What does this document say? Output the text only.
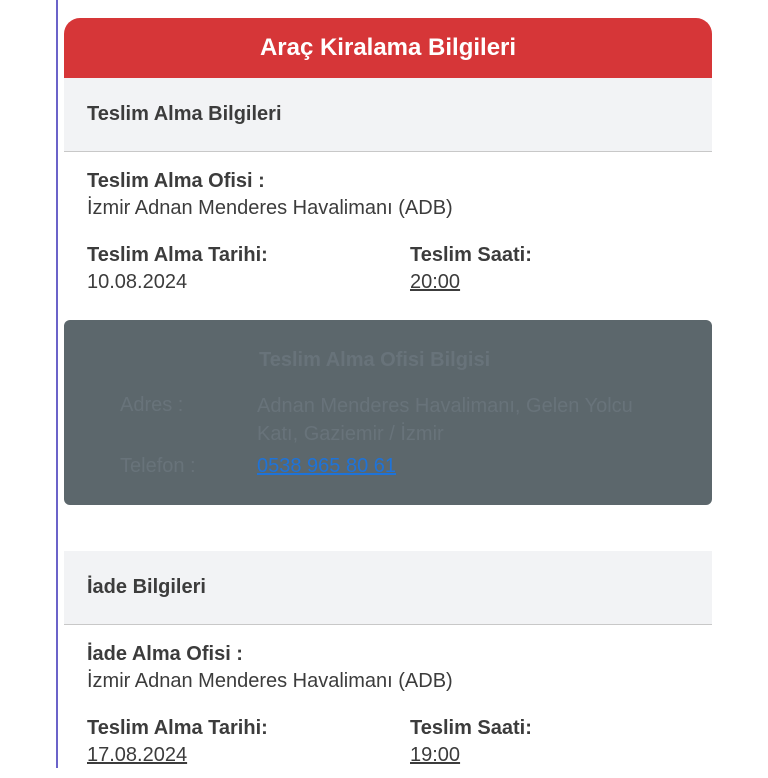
Araç Kiralama Bilgileri
Teslim Alma Bilgileri
Teslim Alma Ofisi :
İzmir Adnan Menderes Havalimanı (ADB)
Teslim Alma Tarihi:
10.08.2024
Teslim Saati:
20:00
Teslim Alma Ofisi Bilgisi
Adres :	Adnan Menderes Havalimanı, Gelen Yolcu Katı, Gaziemir / İzmir
Telefon :	0538 965 80 61
İade Bilgileri
İade Alma Ofisi :
İzmir Adnan Menderes Havalimanı (ADB)
Teslim Alma Tarihi:
17.08.2024
Teslim Saati:
19:00
